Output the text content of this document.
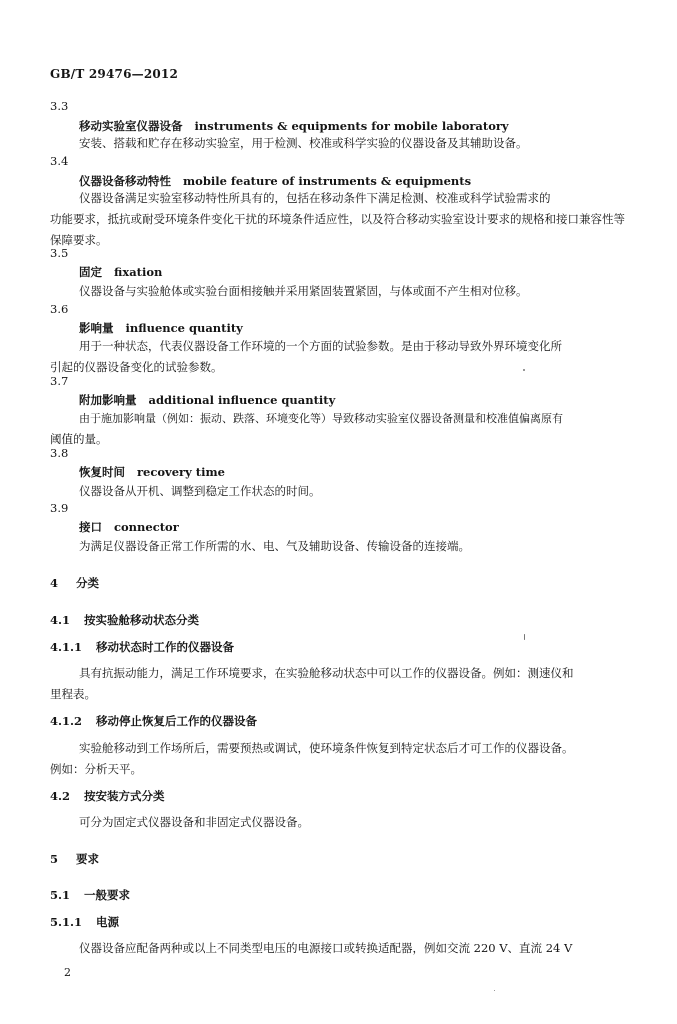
GB/T 29476—2012
3.3
移动实验室仪器设备 instruments & equipments for mobile laboratory
安装、搭载和贮存在移动实验室，用于检测、校准或科学实验的仪器设备及其辅助设备。
3.4
仪器设备移动特性 mobile feature of instruments & equipments
仪器设备满足实验室移动特性所具有的，包括在移动条件下满足检测、校准或科学试验需求的
功能要求，抵抗或耐受环境条件变化干扰的环境条件适应性，以及符合移动实验室设计要求的规格和接口兼容性等保障要求。
3.5
固定 fixation
仪器设备与实验舱体或实验台面相接触并采用紧固装置紧固，与体或面不产生相对位移。
3.6
影响量 influence quantity
用于一种状态，代表仪器设备工作环境的一个方面的试验参数。是由于移动导致外界环境变化所
引起的仪器设备变化的试验参数。
3.7
附加影响量 additional influence quantity
由于施加影响量（例如：振动、跌落、环境变化等）导致移动实验室仪器设备测量和校准值偏离原有
阈值的量。
3.8
恢复时间 recovery time
仪器设备从开机、调整到稳定工作状态的时间。
3.9
接口 connector
为满足仪器设备正常工作所需的水、电、气及辅助设备、传输设备的连接端。
4 分类
4.1 按实验舱移动状态分类
4.1.1 移动状态时工作的仪器设备
具有抗振动能力，满足工作环境要求，在实验舱移动状态中可以工作的仪器设备。例如：测速仪和
里程表。
4.1.2 移动停止恢复后工作的仪器设备
实验舱移动到工作场所后，需要预热或调试，使环境条件恢复到特定状态后才可工作的仪器设备。
例如：分析天平。
4.2 按安装方式分类
可分为固定式仪器设备和非固定式仪器设备。
5 要求
5.1 一般要求
5.1.1 电源
仪器设备应配备两种或以上不同类型电压的电源接口或转换适配器，例如交流 220 V、直流 24 V
2
